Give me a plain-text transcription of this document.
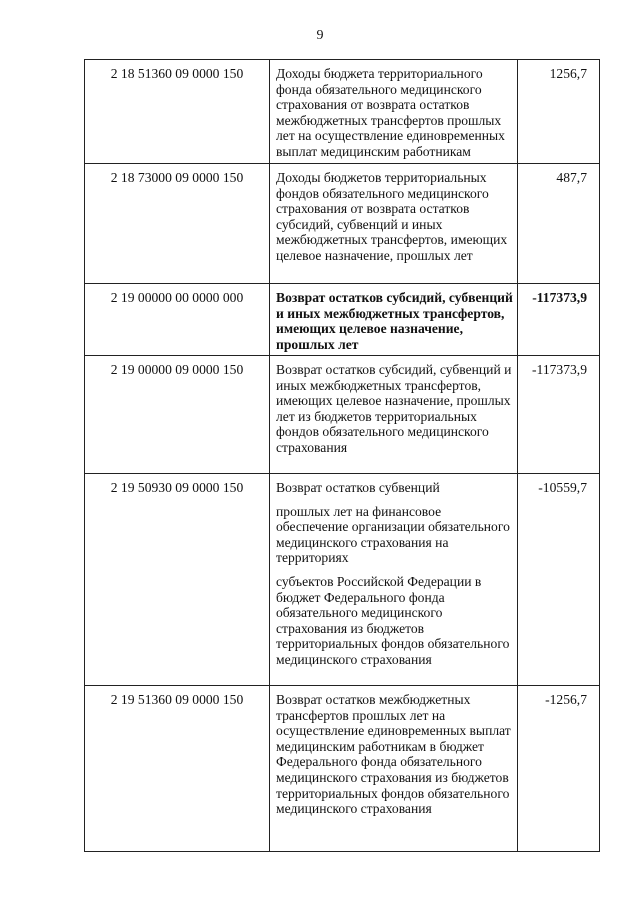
9
2 18 51360 09 0000 150	Доходы бюджета территориального фонда обязательного медицинского страхования от возврата остатков межбюджетных трансфертов прошлых лет на осуществление единовременных выплат медицинским работникам	1256,7
2 18 73000 09 0000 150	Доходы бюджетов территориальных фондов обязательного медицинского страхования от возврата остатков субсидий, субвенций и иных межбюджетных трансфертов, имеющих целевое назначение, прошлых лет	487,7
2 19 00000 00 0000 000	Возврат остатков субсидий, субвенций и иных межбюджетных трансфертов, имеющих целевое назначение, прошлых лет	-117373,9
2 19 00000 09 0000 150	Возврат остатков субсидий, субвенций и иных межбюджетных трансфертов, имеющих целевое назначение, прошлых лет из бюджетов территориальных фондов обязательного медицинского страхования	-117373,9
2 19 50930 09 0000 150	Возврат остатков субвенций
прошлых лет на финансовое обеспечение организации обязательного медицинского страхования на территориях
субъектов Российской Федерации в бюджет Федерального фонда обязательного медицинского страхования из бюджетов территориальных фондов обязательного медицинского страхования	-10559,7
2 19 51360 09 0000 150	Возврат остатков межбюджетных трансфертов прошлых лет на осуществление единовременных выплат медицинским работникам в бюджет Федерального фонда обязательного медицинского страхования из бюджетов территориальных фондов обязательного медицинского страхования	-1256,7
